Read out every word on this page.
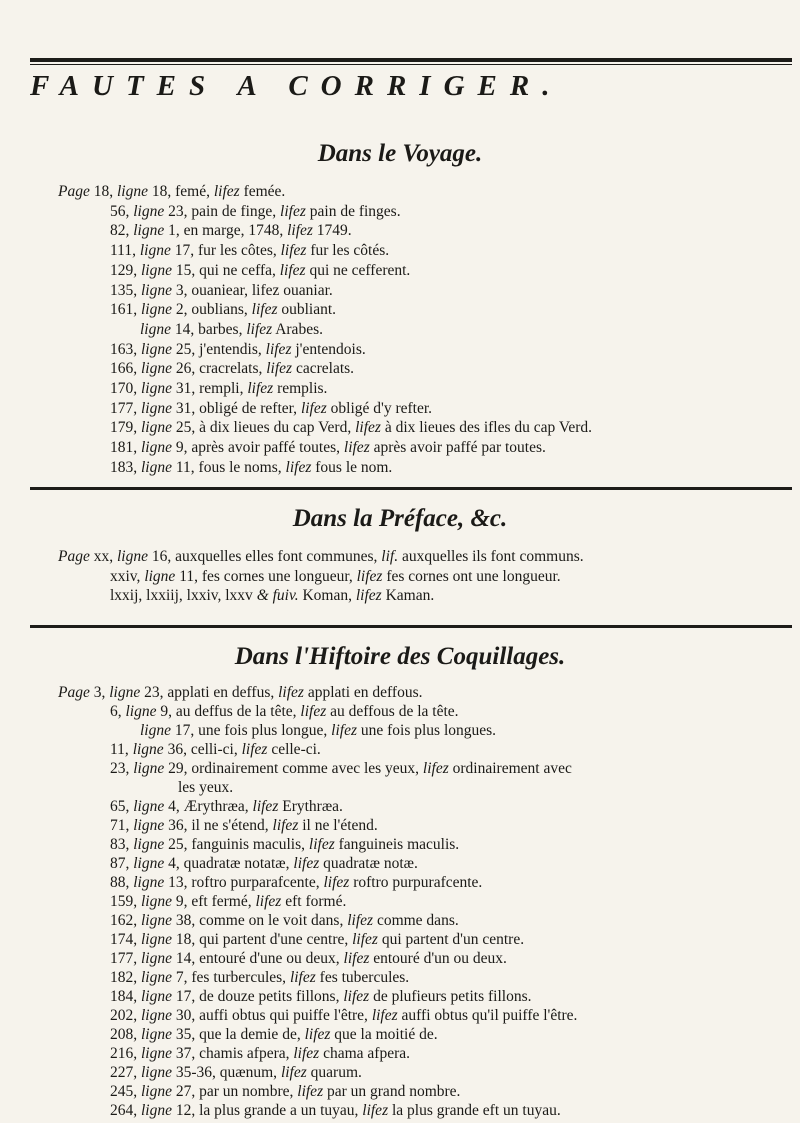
FAUTES A CORRIGER.
Dans le Voyage.
Page 18, ligne 18, femé, lifez femée.
56, ligne 23, pain de finge, lifez pain de finges.
82, ligne 1, en marge, 1748, lifez 1749.
111, ligne 17, fur les côtes, lifez fur les côtés.
129, ligne 15, qui ne ceffa, lifez qui ne cefferent.
135, ligne 3, ouaniear, lifez ouaniar.
161, ligne 2, oublians, lifez oubliant.
ligne 14, barbes, lifez Arabes.
163, ligne 25, j'entendis, lifez j'entendois.
166, ligne 26, cracrelats, lifez cacrelats.
170, ligne 31, rempli, lifez remplis.
177, ligne 31, obligé de refter, lifez obligé d'y refter.
179, ligne 25, à dix lieues du cap Verd, lifez à dix lieues des ifles du cap Verd.
181, ligne 9, après avoir paffé toutes, lifez après avoir paffé par toutes.
183, ligne 11, fous le noms, lifez fous le nom.
Dans la Préface, &c.
Page xx, ligne 16, auxquelles elles font communes, lif. auxquelles ils font communs.
xxiv, ligne 11, fes cornes une longueur, lifez fes cornes ont une longueur.
lxxij, lxxiij, lxxiv, lxxv & fuiv. Koman, lifez Kaman.
Dans l'Hiftoire des Coquillages.
Page 3, ligne 23, applati en deffus, lifez applati en deffous.
6, ligne 9, au deffus de la tête, lifez au deffous de la tête.
ligne 17, une fois plus longue, lifez une fois plus longues.
11, ligne 36, celli-ci, lifez celle-ci.
23, ligne 29, ordinairement comme avec les yeux, lifez ordinairement avec
les yeux.
65, ligne 4, Ærythræa, lifez Erythræa.
71, ligne 36, il ne s'étend, lifez il ne l'étend.
83, ligne 25, fanguinis maculis, lifez fanguineis maculis.
87, ligne 4, quadratæ notatæ, lifez quadratæ notæ.
88, ligne 13, roftro purparafcente, lifez roftro purpurafcente.
159, ligne 9, eft fermé, lifez eft formé.
162, ligne 38, comme on le voit dans, lifez comme dans.
174, ligne 18, qui partent d'une centre, lifez qui partent d'un centre.
177, ligne 14, entouré d'une ou deux, lifez entouré d'un ou deux.
182, ligne 7, fes turbercules, lifez fes tubercules.
184, ligne 17, de douze petits fillons, lifez de plufieurs petits fillons.
202, ligne 30, auffi obtus qui puiffe l'être, lifez auffi obtus qu'il puiffe l'être.
208, ligne 35, que la demie de, lifez que la moitié de.
216, ligne 37, chamis afpera, lifez chama afpera.
227, ligne 35-36, quænum, lifez quarum.
245, ligne 27, par un nombre, lifez par un grand nombre.
264, ligne 12, la plus grande a un tuyau, lifez la plus grande eft un tuyau.
